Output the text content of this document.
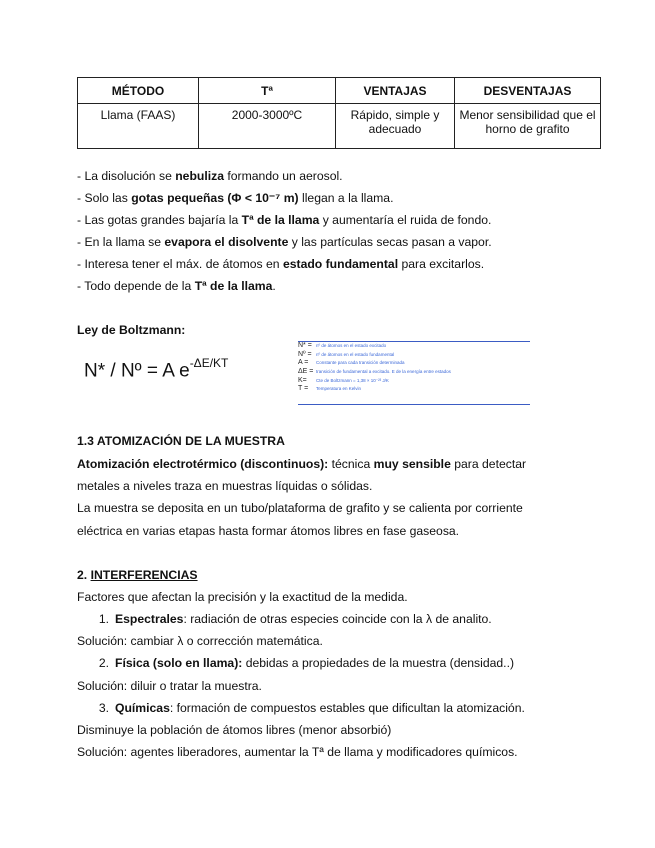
MÉTODO	Tª	VENTAJAS	DESVENTAJAS
Llama (FAAS)	2000-3000ºC	Rápido, simple y adecuado	Menor sensibilidad que el horno de grafito
- La disolución se nebuliza formando un aerosol.
- Solo las gotas pequeñas (Φ < 10⁻⁷ m) llegan a la llama.
- Las gotas grandes bajaría la Tª de la llama y aumentaría el ruida de fondo.
- En la llama se evapora el disolvente y las partículas secas pasan a vapor.
- Interesa tener el máx. de átomos en estado fundamental para excitarlos.
- Todo depende de la Tª de la llama.
Ley de Boltzmann:
N* / Nº = A $e^{-\Delta E/KT}$
N* = nº de átomos en el estado excitado
Nº = nº de átomos en el estado fundamental
A =	Constante para cada transición determinada
ΔE = transición de fundamental a excitado. E de la energía entre estados
K=	Cte de Boltzmann = 1,38 × 10⁻²³ J/K
T =	Temperatura en Kelvin
1.3 ATOMIZACIÓN DE LA MUESTRA
Atomización electrotérmico (discontinuos): técnica muy sensible para detectar
metales a niveles traza en muestras líquidas o sólidas.
La muestra se deposita en un tubo/plataforma de grafito y se calienta por corriente
eléctrica en varias etapas hasta formar átomos libres en fase gaseosa.
2. INTERFERENCIAS
Factores que afectan la precisión y la exactitud de la medida.
1. Espectrales: radiación de otras especies coincide con la λ de analito.
Solución: cambiar λ o corrección matemática.
2. Física (solo en llama): debidas a propiedades de la muestra (densidad..)
Solución: diluir o tratar la muestra.
3. Químicas: formación de compuestos estables que dificultan la atomización.
Disminuye la población de átomos libres (menor absorbió)
Solución: agentes liberadores, aumentar la Tª de llama y modificadores químicos.
